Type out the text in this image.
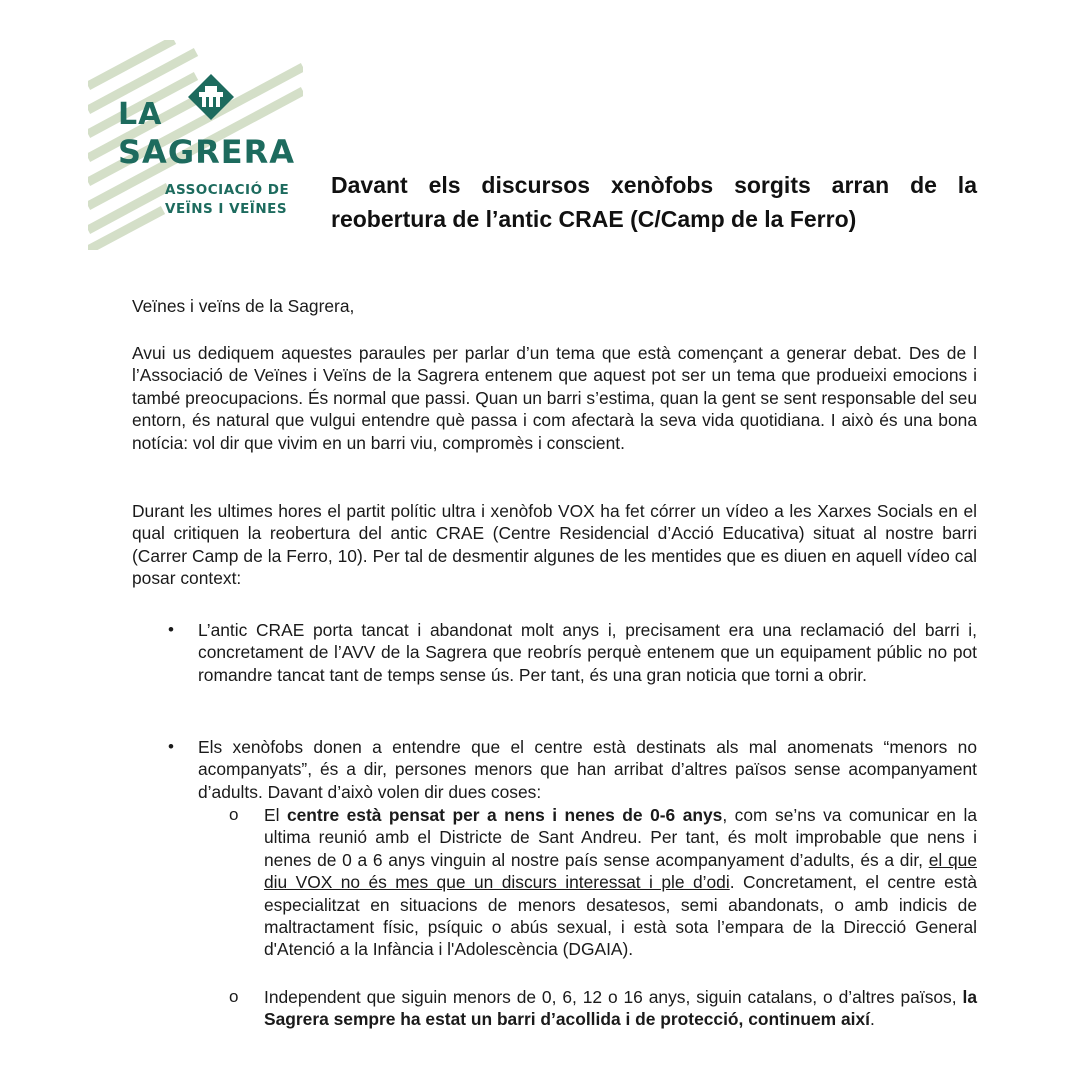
LA
SAGRERA
ASSOCIACIÓ DE
VEÏNS I VEÏNES
Davant els discursos xenòfobs sorgits arran de la reobertura de l’antic CRAE (C/Camp de la Ferro)
Veïnes i veïns de la Sagrera,
Avui us dediquem aquestes paraules per parlar d’un tema que està començant a generar debat. Des de l l’Associació de Veïnes i Veïns de la Sagrera entenem que aquest pot ser un tema que produeixi emocions i també preocupacions. És normal que passi. Quan un barri s’estima, quan la gent se sent responsable del seu entorn, és natural que vulgui entendre què passa i com afectarà la seva vida quotidiana. I això és una bona notícia: vol dir que vivim en un barri viu, compromès i conscient.
Durant les ultimes hores el partit polític ultra i xenòfob VOX ha fet córrer un vídeo a les Xarxes Socials en el qual critiquen la reobertura del antic CRAE (Centre Residencial d’Acció Educativa) situat al nostre barri (Carrer Camp de la Ferro, 10). Per tal de desmentir algunes de les mentides que es diuen en aquell vídeo cal posar context:
• L’antic CRAE porta tancat i abandonat molt anys i, precisament era una reclamació del barri i, concretament de l’AVV de la Sagrera que reobrís perquè entenem que un equipament públic no pot romandre tancat tant de temps sense ús. Per tant, és una gran noticia que torni a obrir.
• Els xenòfobs donen a entendre que el centre està destinats als mal anomenats “menors no acompanyats”, és a dir, persones menors que han arribat d’altres països sense acompanyament d’adults. Davant d’això volen dir dues coses:
o El centre està pensat per a nens i nenes de 0-6 anys, com se’ns va comunicar en la ultima reunió amb el Districte de Sant Andreu. Per tant, és molt improbable que nens i nenes de 0 a 6 anys vinguin al nostre país sense acompanyament d’adults, és a dir, el que diu VOX no és mes que un discurs interessat i ple d’odi. Concretament, el centre està especialitzat en situacions de menors desatesos, semi abandonats, o amb indicis de maltractament físic, psíquic o abús sexual, i està sota l’empara de la Direcció General d'Atenció a la Infància i l'Adolescència (DGAIA).
o Independent que siguin menors de 0, 6, 12 o 16 anys, siguin catalans, o d’altres països, la Sagrera sempre ha estat un barri d’acollida i de protecció, continuem així.
